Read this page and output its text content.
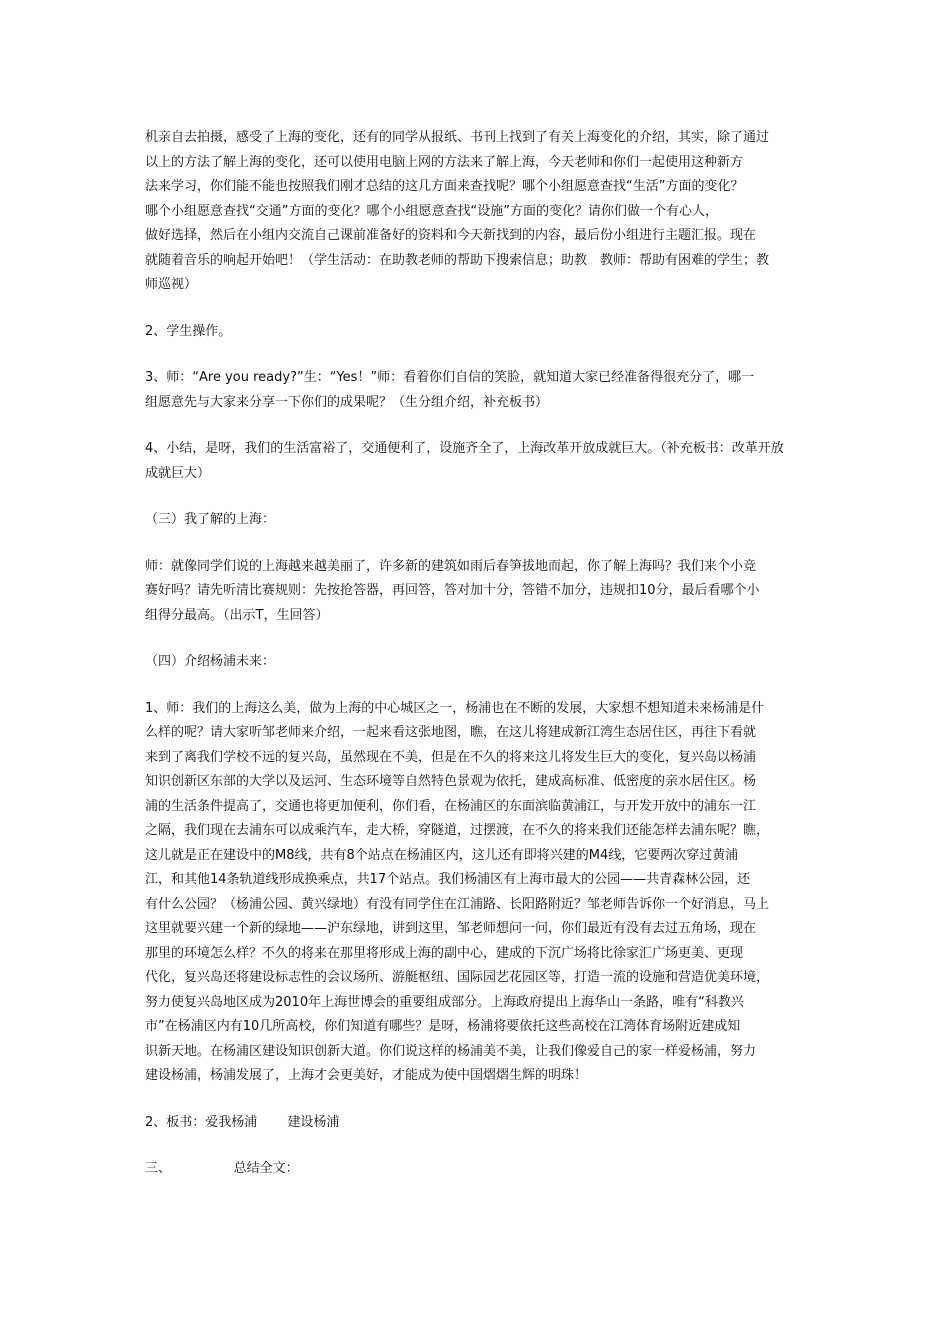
机亲自去拍摄，感受了上海的变化，还有的同学从报纸、书刊上找到了有关上海变化的介绍，其实，除了通过
以上的方法了解上海的变化，还可以使用电脑上网的方法来了解上海，今天老师和你们一起使用这种新方
法来学习，你们能不能也按照我们刚才总结的这几方面来查找呢？哪个小组愿意查找“生活”方面的变化？
哪个小组愿意查找“交通”方面的变化？哪个小组愿意查找“设施”方面的变化？请你们做一个有心人，
做好选择，然后在小组内交流自己课前准备好的资料和今天新找到的内容，最后份小组进行主题汇报。现在
就随着音乐的响起开始吧！（学生活动：在助教老师的帮助下搜索信息；助教　教师：帮助有困难的学生；教
师巡视）

2、学生操作。

3、师：“Are you ready?”生：“Yes！”师：看着你们自信的笑脸，就知道大家已经准备得很充分了，哪一
组愿意先与大家来分享一下你们的成果呢？（生分组介绍，补充板书）

4、小结，是呀，我们的生活富裕了，交通便利了，设施齐全了，上海改革开放成就巨大。（补充板书：改革开放
成就巨大）

（三）我了解的上海：

师：就像同学们说的上海越来越美丽了，许多新的建筑如雨后春笋拔地而起，你了解上海吗？我们来个小竞
赛好吗？请先听清比赛规则：先按抢答器，再回答，答对加十分，答错不加分，违规扣10分，最后看哪个小
组得分最高。（出示T，生回答）

（四）介绍杨浦未来：

1、师：我们的上海这么美，做为上海的中心城区之一，杨浦也在不断的发展，大家想不想知道未来杨浦是什
么样的呢？请大家听邹老师来介绍，一起来看这张地图，瞧，在这儿将建成新江湾生态居住区，再往下看就
来到了离我们学校不远的复兴岛，虽然现在不美，但是在不久的将来这儿将发生巨大的变化，复兴岛以杨浦
知识创新区东部的大学以及运河、生态环境等自然特色景观为依托，建成高标准、低密度的亲水居住区。杨
浦的生活条件提高了，交通也将更加便利，你们看，在杨浦区的东面滨临黄浦江，与开发开放中的浦东一江
之隔，我们现在去浦东可以成乘汽车，走大桥，穿隧道，过摆渡，在不久的将来我们还能怎样去浦东呢？瞧，
这儿就是正在建设中的M8线，共有8个站点在杨浦区内，这儿还有即将兴建的M4线，它要两次穿过黄浦
江，和其他14条轨道线形成换乘点，共17个站点。我们杨浦区有上海市最大的公园——共青森林公园，还
有什么公园？（杨浦公园、黄兴绿地）有没有同学住在江浦路、长阳路附近？邹老师告诉你一个好消息，马上
这里就要兴建一个新的绿地——沪东绿地，讲到这里，邹老师想问一问，你们最近有没有去过五角场，现在
那里的环境怎么样？不久的将来在那里将形成上海的副中心，建成的下沉广场将比徐家汇广场更美、更现
代化，复兴岛还将建设标志性的会议场所、游艇枢纽、国际园艺花园区等，打造一流的设施和营造优美环境，
努力使复兴岛地区成为2010年上海世博会的重要组成部分。上海政府提出上海华山一条路，唯有“科教兴
市”在杨浦区内有10几所高校，你们知道有哪些？是呀，杨浦将要依托这些高校在江湾体育场附近建成知
识新天地。在杨浦区建设知识创新大道。你们说这样的杨浦美不美，让我们像爱自己的家一样爱杨浦，努力
建设杨浦，杨浦发展了，上海才会更美好，才能成为使中国熠熠生辉的明珠！

2、板书：爱我杨浦　　 建设杨浦

三、　　　　　 总结全文：
